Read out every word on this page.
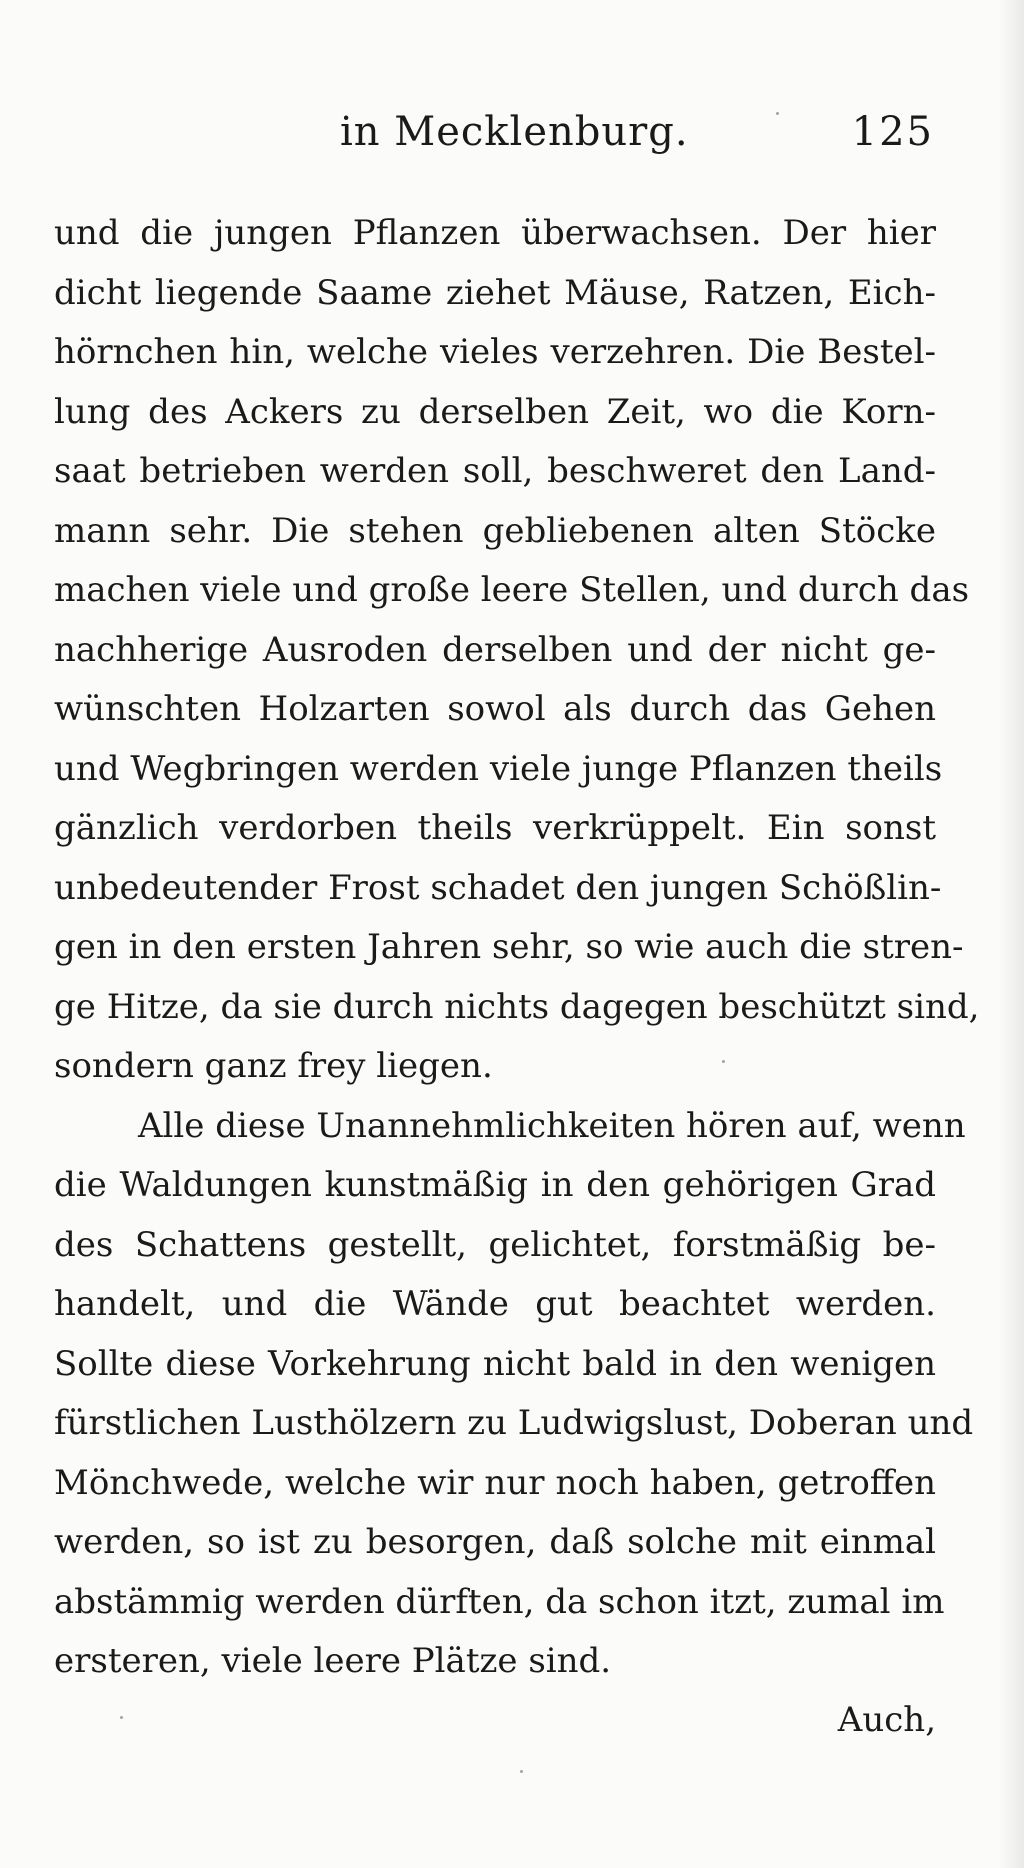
in Mecklenburg.	125
und die jungen Pflanzen überwachsen. Der hier
dicht liegende Saame ziehet Mäuse, Ratzen, Eich-
hörnchen hin, welche vieles verzehren. Die Bestel-
lung des Ackers zu derselben Zeit, wo die Korn-
saat betrieben werden soll, beschweret den Land-
mann sehr. Die stehen gebliebenen alten Stöcke
machen viele und große leere Stellen, und durch das
nachherige Ausroden derselben und der nicht ge-
wünschten Holzarten sowol als durch das Gehen
und Wegbringen werden viele junge Pflanzen theils
gänzlich verdorben theils verkrüppelt. Ein sonst
unbedeutender Frost schadet den jungen Schößlin-
gen in den ersten Jahren sehr, so wie auch die stren-
ge Hitze, da sie durch nichts dagegen beschützt sind,
sondern ganz frey liegen.
Alle diese Unannehmlichkeiten hören auf, wenn
die Waldungen kunstmäßig in den gehörigen Grad
des Schattens gestellt, gelichtet, forstmäßig be-
handelt, und die Wände gut beachtet werden.
Sollte diese Vorkehrung nicht bald in den wenigen
fürstlichen Lusthölzern zu Ludwigslust, Doberan und
Mönchwede, welche wir nur noch haben, getroffen
werden, so ist zu besorgen, daß solche mit einmal
abstämmig werden dürften, da schon itzt, zumal im
ersteren, viele leere Plätze sind.
Auch,
